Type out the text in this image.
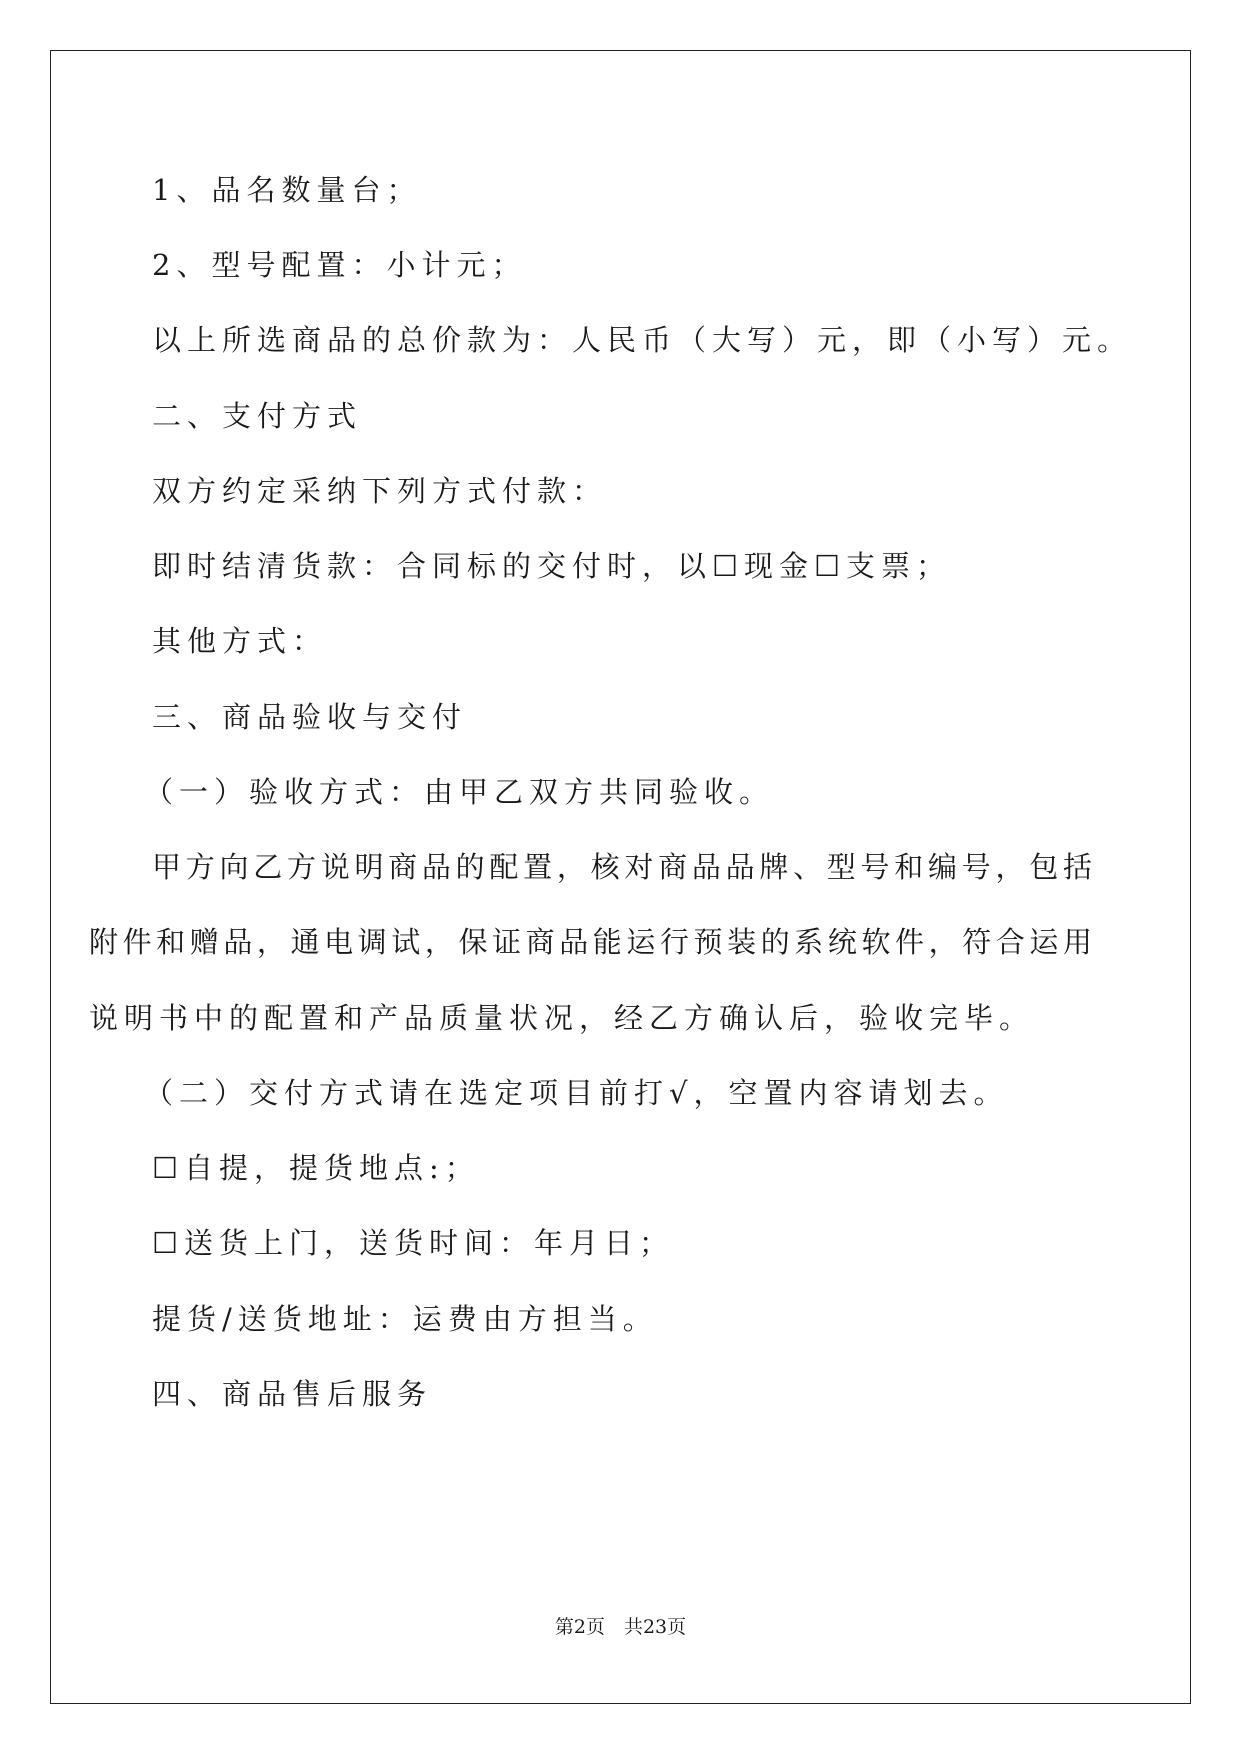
1、品名数量台；
2、型号配置：小计元；
以上所选商品的总价款为：人民币（大写）元，即（小写）元。
二、支付方式
双方约定采纳下列方式付款：
即时结清货款：合同标的交付时，以☐现金☐支票；
其他方式：
三、商品验收与交付
（一）验收方式：由甲乙双方共同验收。
甲方向乙方说明商品的配置，核对商品品牌、型号和编号，包括
附件和赠品，通电调试，保证商品能运行预装的系统软件，符合运用
说明书中的配置和产品质量状况，经乙方确认后，验收完毕。
（二）交付方式请在选定项目前打√，空置内容请划去。
☐自提，提货地点:；
☐送货上门，送货时间：年月日；
提货/送货地址：运费由方担当。
四、商品售后服务
第2页　共23页
